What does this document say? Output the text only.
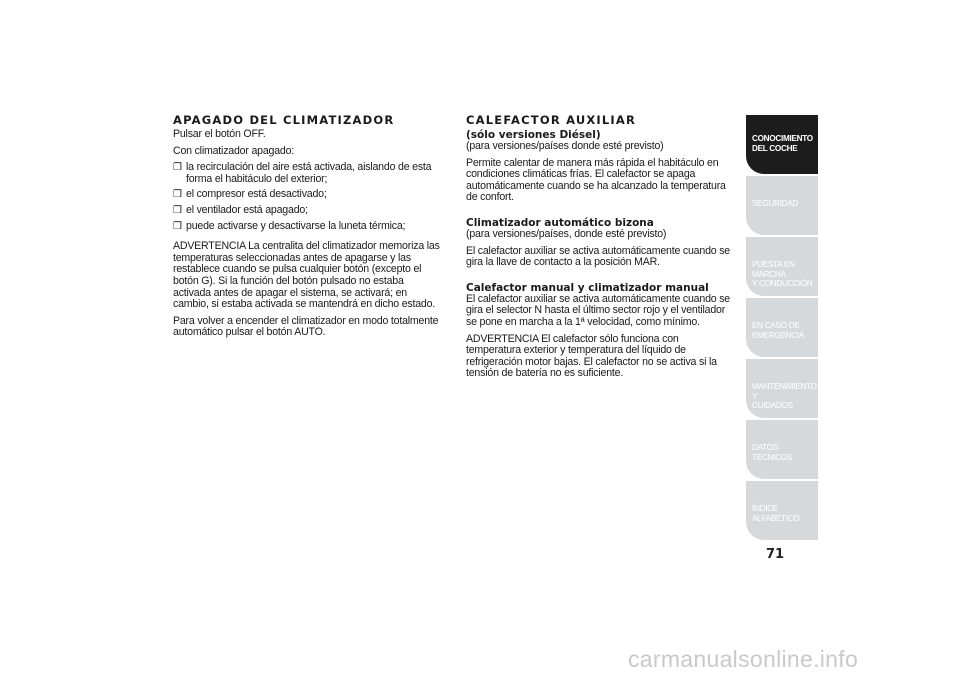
APAGADO DEL CLIMATIZADOR

Pulsar el botón OFF.

Con climatizador apagado:

❒ la recirculación del aire está activada, aislando de esta forma el habitáculo del exterior;
❒ el compresor está desactivado;
❒ el ventilador está apagado;
❒ puede activarse y desactivarse la luneta térmica;

ADVERTENCIA La centralita del climatizador memoriza las temperaturas seleccionadas antes de apagarse y las restablece cuando se pulsa cualquier botón (excepto el botón G). Si la función del botón pulsado no estaba activada antes de apagar el sistema, se activará; en cambio, si estaba activada se mantendrá en dicho estado.

Para volver a encender el climatizador en modo totalmente automático pulsar el botón AUTO.

CALEFACTOR AUXILIAR
(sólo versiones Diésel)

(para versiones/países donde esté previsto)

Permite calentar de manera más rápida el habitáculo en condiciones climáticas frías. El calefactor se apaga automáticamente cuando se ha alcanzado la temperatura de confort.

Climatizador automático bizona

(para versiones/países, donde esté previsto)

El calefactor auxiliar se activa automáticamente cuando se gira la llave de contacto a la posición MAR.

Calefactor manual y climatizador manual

El calefactor auxiliar se activa automáticamente cuando se gira el selector N hasta el último sector rojo y el ventilador se pone en marcha a la 1ª velocidad, como mínimo.

ADVERTENCIA El calefactor sólo funciona con temperatura exterior y temperatura del líquido de refrigeración motor bajas. El calefactor no se activa si la tensión de batería no es suficiente.

CONOCIMIENTO
DEL COCHE
SEGURIDAD
PUESTA EN MARCHA
Y CONDUCCIÓN
EN CASO DE
EMERGENCIA
MANTENIMIENTO Y
CUIDADOS
DATOS TÉCNICOS
ÍNDICE ALFABÉTICO
71
carmanualsonline.info
